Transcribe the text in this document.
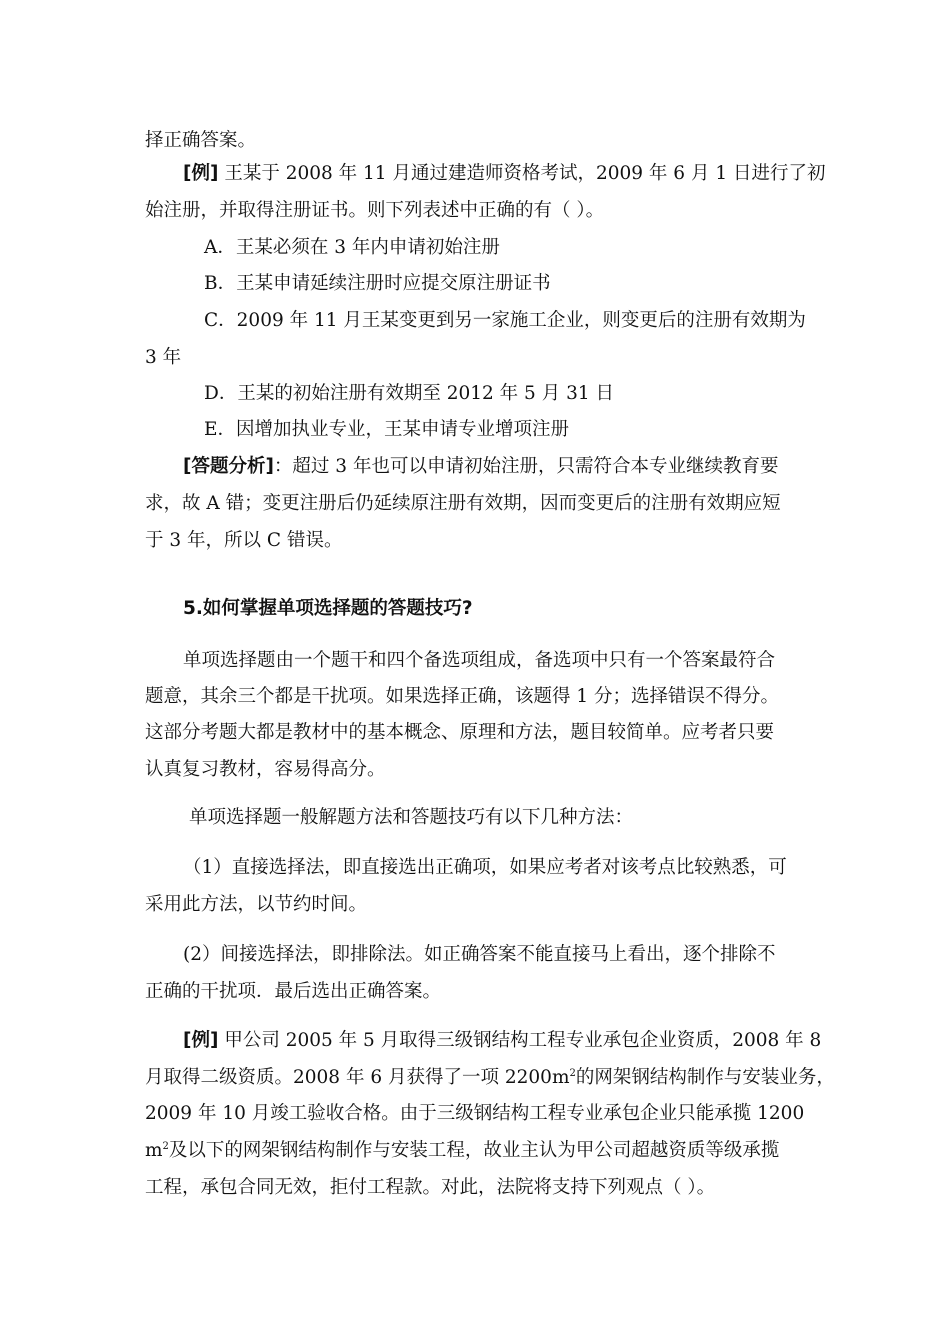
择正确答案。
[例] 王某于 2008 年 11 月通过建造师资格考试，2009 年 6 月 1 日进行了初
始注册，并取得注册证书。则下列表述中正确的有（ ）。
A．王某必须在 3 年内申请初始注册
B．王某申请延续注册时应提交原注册证书
C．2009 年 11 月王某变更到另一家施工企业，则变更后的注册有效期为
3 年
D．王某的初始注册有效期至 2012 年 5 月 31 日
E．因增加执业专业，王某申请专业增项注册
[答题分析]：超过 3 年也可以申请初始注册，只需符合本专业继续教育要
求，故 A 错；变更注册后仍延续原注册有效期，因而变更后的注册有效期应短
于 3 年，所以 C 错误。
5.如何掌握单项选择题的答题技巧?
单项选择题由一个题干和四个备选项组成，备选项中只有一个答案最符合
题意，其余三个都是干扰项。如果选择正确，该题得 1 分；选择错误不得分。
这部分考题大都是教材中的基本概念、原理和方法，题目较简单。应考者只要
认真复习教材，容易得高分。
单项选择题一般解题方法和答题技巧有以下几种方法：
（1）直接选择法，即直接选出正确项，如果应考者对该考点比较熟悉，可
采用此方法，以节约时间。
(2）间接选择法，即排除法。如正确答案不能直接马上看出，逐个排除不
正确的干扰项．最后选出正确答案。
[例] 甲公司 2005 年 5 月取得三级钢结构工程专业承包企业资质，2008 年 8
月取得二级资质。2008 年 6 月获得了一项 $2200m^2$的网架钢结构制作与安装业务，
2009 年 10 月竣工验收合格。由于三级钢结构工程专业承包企业只能承揽 1200
$m^2$及以下的网架钢结构制作与安装工程，故业主认为甲公司超越资质等级承揽
工程，承包合同无效，拒付工程款。对此，法院将支持下列观点（ ）。
